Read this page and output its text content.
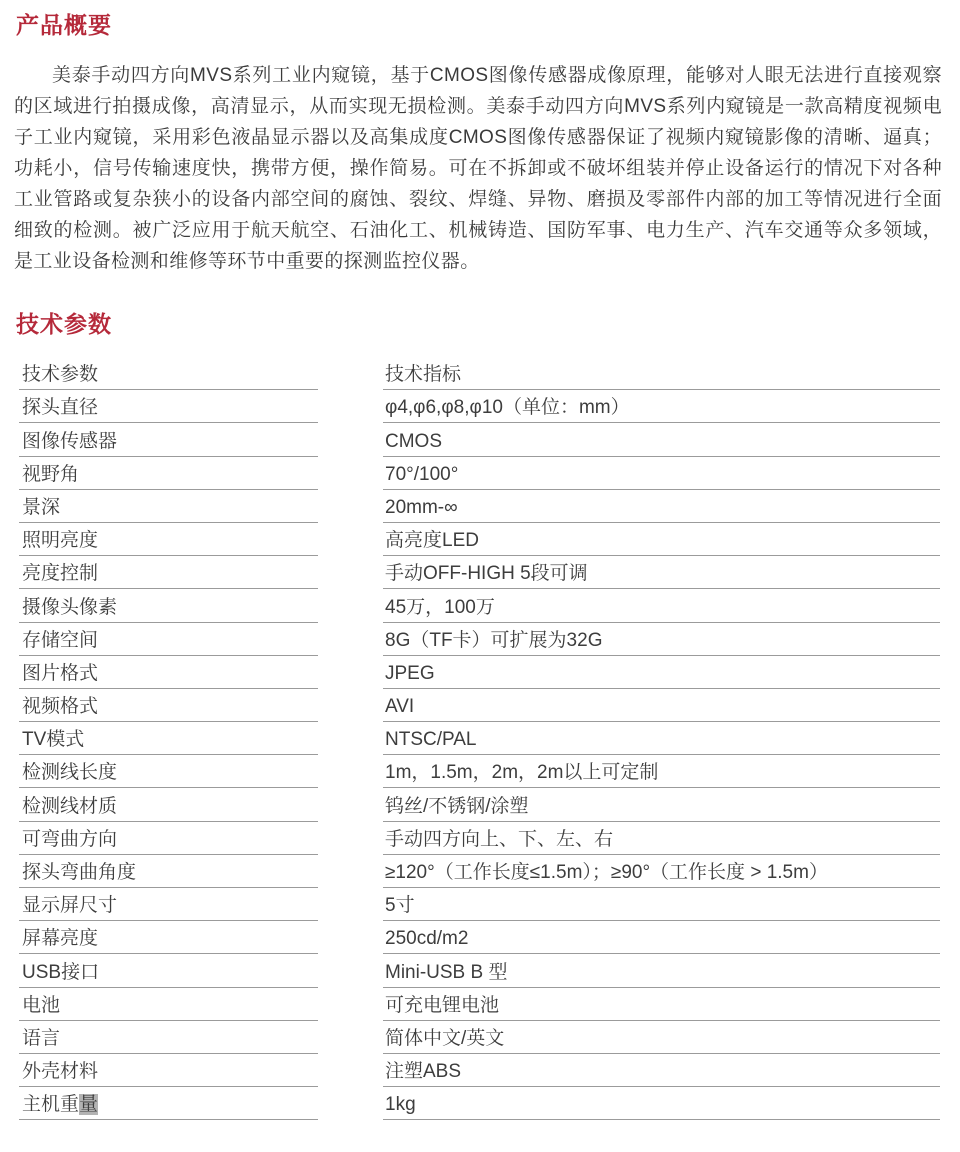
产品概要

美泰手动四方向MVS系列工业内窥镜，基于CMOS图像传感器成像原理，能够对人眼无法进行直接观察的区域进行拍摄成像，高清显示，从而实现无损检测。美泰手动四方向MVS系列内窥镜是一款高精度视频电子工业内窥镜，采用彩色液晶显示器以及高集成度CMOS图像传感器保证了视频内窥镜影像的清晰、逼真；功耗小，信号传输速度快，携带方便，操作简易。可在不拆卸或不破坏组装并停止设备运行的情况下对各种工业管路或复杂狭小的设备内部空间的腐蚀、裂纹、焊缝、异物、磨损及零部件内部的加工等情况进行全面细致的检测。被广泛应用于航天航空、石油化工、机械铸造、国防军事、电力生产、汽车交通等众多领域，是工业设备检测和维修等环节中重要的探测监控仪器。

技术参数
技术参数	技术指标
探头直径	φ4,φ6,φ8,φ10（单位：mm）
图像传感器	CMOS
视野角	70°/100°
景深	20mm-∞
照明亮度	高亮度LED
亮度控制	手动OFF-HIGH 5段可调
摄像头像素	45万，100万
存储空间	8G（TF卡）可扩展为32G
图片格式	JPEG
视频格式	AVI
TV模式	NTSC/PAL
检测线长度	1m，1.5m，2m，2m以上可定制
检测线材质	钨丝/不锈钢/涂塑
可弯曲方向	手动四方向上、下、左、右
探头弯曲角度	≥120°（工作长度≤1.5m）；≥90°（工作长度 > 1.5m）
显示屏尺寸	5寸
屏幕亮度	250cd/m2
USB接口	Mini-USB B 型
电池	可充电锂电池
语言	简体中文/英文
外壳材料	注塑ABS
主机重 量	1kg
